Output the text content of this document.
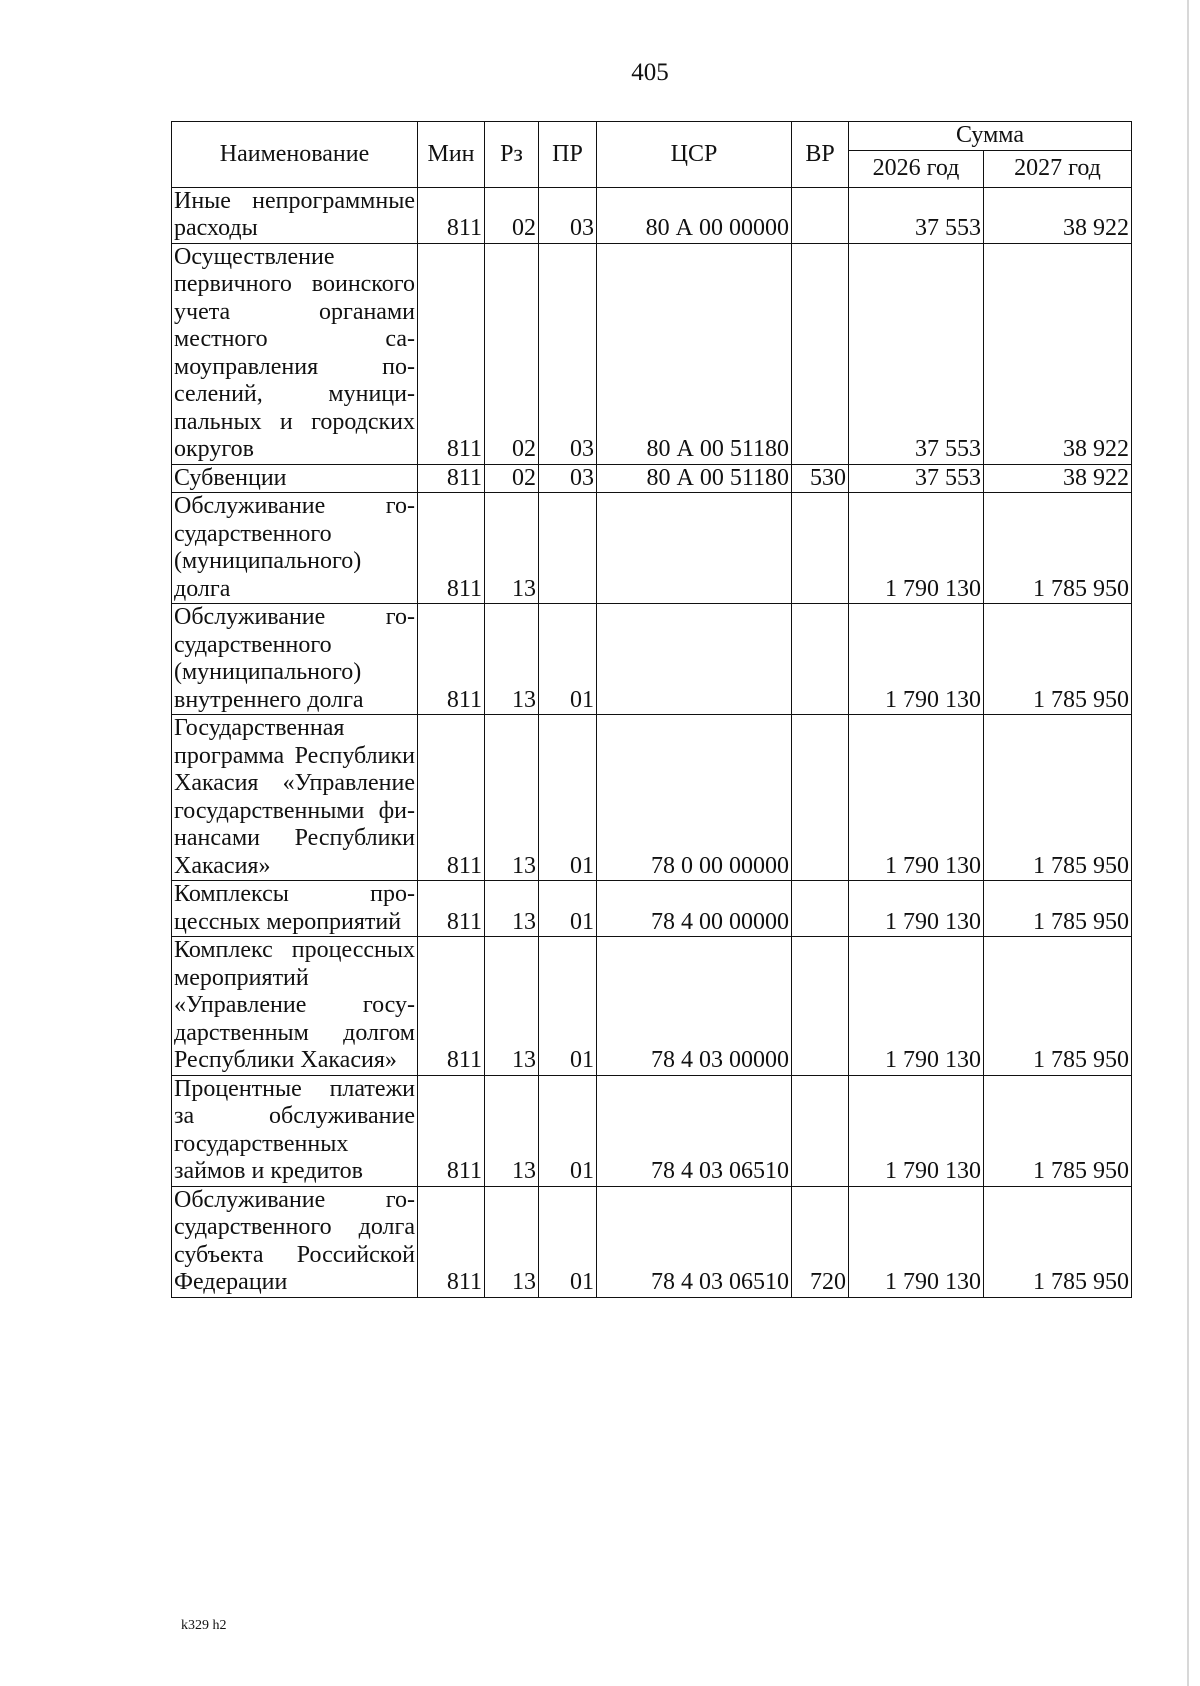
405
Наименование	Мин	Рз	ПР	ЦСР	ВР	Сумма	
						2026 год	2027 год
Иные непрограммные расходы	811	02	03	80 А 00 00000		37 553	38 922
Осуществление первичного воинского учета органами местного самоуправления поселений, муниципальных и городских округов	811	02	03	80 А 00 51180		37 553	38 922
Субвенции	811	02	03	80 А 00 51180	530	37 553	38 922
Обслуживание государственного (муниципального) долга	811	13				1 790 130	1 785 950
Обслуживание государственного (муниципального) внутреннего долга	811	13	01			1 790 130	1 785 950
Государственная программа Республики Хакасия «Управление государственными финансами Республики Хакасия»	811	13	01	78 0 00 00000		1 790 130	1 785 950
Комплексы процессных мероприятий	811	13	01	78 4 00 00000		1 790 130	1 785 950
Комплекс процессных мероприятий «Управление государственным долгом Республики Хакасия»	811	13	01	78 4 03 00000		1 790 130	1 785 950
Процентные платежи за обслуживание государственных займов и кредитов	811	13	01	78 4 03 06510		1 790 130	1 785 950
Обслуживание государственного долга субъекта Российской Федерации	811	13	01	78 4 03 06510	720	1 790 130	1 785 950
k329 h2
